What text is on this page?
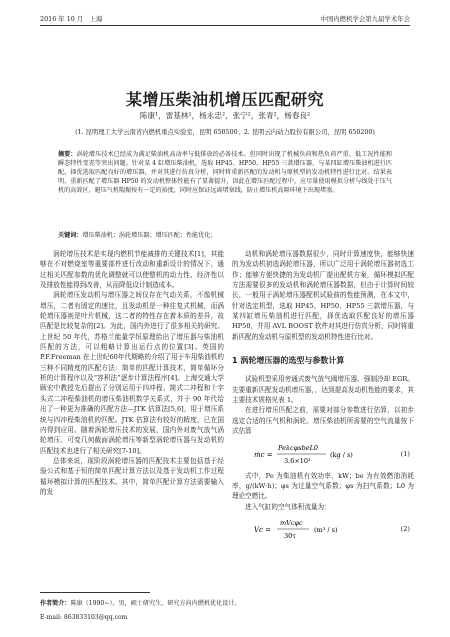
2016 年 10 月　上海	中国内燃机学会第九届学术年会
某增压柴油机增压匹配研究
陈康¹，雷基林¹，杨永忠²，张宁²，张青²，杨春良²
(1. 昆明理工大学云南省内燃机重点实验室，昆明 650500；2. 昆明云内动力股份有限公司，昆明 650200)
摘要：涡轮增压技术已经成为满足柴油机高动率与低排放的必备技术。但同时出现了机械负荷和热负荷严重、低工况性能和瞬态特性变差等突出问题。针对某 4 缸增压柴油机，选取 HP45、HP50、HP55 三款增压器，与某四缸增压柴油机进行匹配，择优选取匹配良好的增压器，并对其进行仿真分析，同时将重新匹配的发动机与原机型的发动机特性进行比对。结果表明，重新匹配了增压器 HP50 的发动机整体性能有了显著提升，因此在增压匹配过程中，应尽量使用模拟分析与线处于压气机的高效区，避压气机喘振按有一定的裕度，同时应保证远离堵塞线，防止增压机高原环境下出现堵塞。
关键词：增压柴油机；涡轮增压器；增压匹配；性能优化；

涡轮增压技术是实现内燃机节能减排的关键技术[1]，其能够在不对燃烧室等重要部件进行改动和重新设计的情况下，通过相关匹配参数的优化调整就可以使整机的动力性、经济性以及排放性能得到改善，从而降低设计制造成本。

涡轮增压发动机与增压器之间仅存在气动关系，不像机械增压，二者有固定的速比，且发动机是一种往复式机械，而涡轮增压器则是叶片机械，这二者的特性存在着本质的差异，故匹配是比较复杂的[2]。为此，国内外进行了很多相关的研究。上世纪 50 年代，苏格兰能量学恒原理给出了增压器与柴油机匹配的方法，可以粗略计算出运行点的位置[3]。英国的 P.F.Freeman 在上世纪60年代期略的介绍了用于车用柴油机的三种不同精度的匹配方法：简单的匹配计算技术，简单循环分析的计算程序以及“容积法”逐步计算法程序[4]。上海交通大学顾宏中教授先后提出了分别运用于四冲程、简式二冲程和十字头式二冲程柴油机的增压柴油机数学关系式，并于 90 年代给出了一种更为准确的匹配方法—JTK 估算法[5,6]，用于增压系统与四冲程柴油机的匹配。JTK 估算法有较好的精度，已在国内得到应用。随着涡轮增压技术的发展，国内外对废气放气涡轮增压、可变几何截面涡轮增压等新型涡轮增压器与发动机的匹配技术也进行了相关研究[7-10]。

总体来说，现阶段涡轮增压器的匹配技术主要包括基于经验公式和基于恒的简单匹配计算方法以及基于发动机工作过程循环模拟计算的匹配技术。其中，简单匹配计算方法需要输入的发

动机和涡轮增压器数据很少，同时计算速度快，能够快速的为发动机初选涡轮增压器，所以广泛用于涡轮增压器初选工作；能够方便快捷的为发动机厂提出配机方案，循环模拟匹配方法需要很多的发动机和涡轮增压器数据，但由于计算时间较长，一般用于涡轮增压器配机试验前的性能预测，在本文中，针对选定机型，选取 HP45、HP50、HP55 三款增压器，与某四缸增压柴油机进行匹配，择优选取匹配良好的增压器 HP50，并用 AVL BOOST 软件对其进行仿真分析，同时将重新匹配的发动机与原机型的发动机特性进行比对。

1 涡轮增压器的选型与参数计算

试验机型采用旁通式废气放气阀增压器、强制冷却 EGR。先要重新匹配发动机增压器，，达到提高发动机性能的要求，其主要技术规格见表 1。

在进行增压匹配之前，需要对部分参数进行估算，以初步选定合适的压气机和涡轮。增压柴油机所需要的空气流量按下式估算

ṁc =
PeλcφsbeL0
3.6×10³
(kg / s)	(1)

式中，Pe 为柴油机有效功率，kW；be 为有效燃油消耗率，g/(kW·h)；φs 为过量空气系数；φs 为扫气系数；L0 为理论空燃比。

进入气缸的空气体积流量为：

Vc =
mVcφc
30τ
(m³ / s)	(2)
作者简介：陈康（1990~），男，硕士研究生，研究方向内燃机优化设计。
E-mail: 863833103@qq.com
